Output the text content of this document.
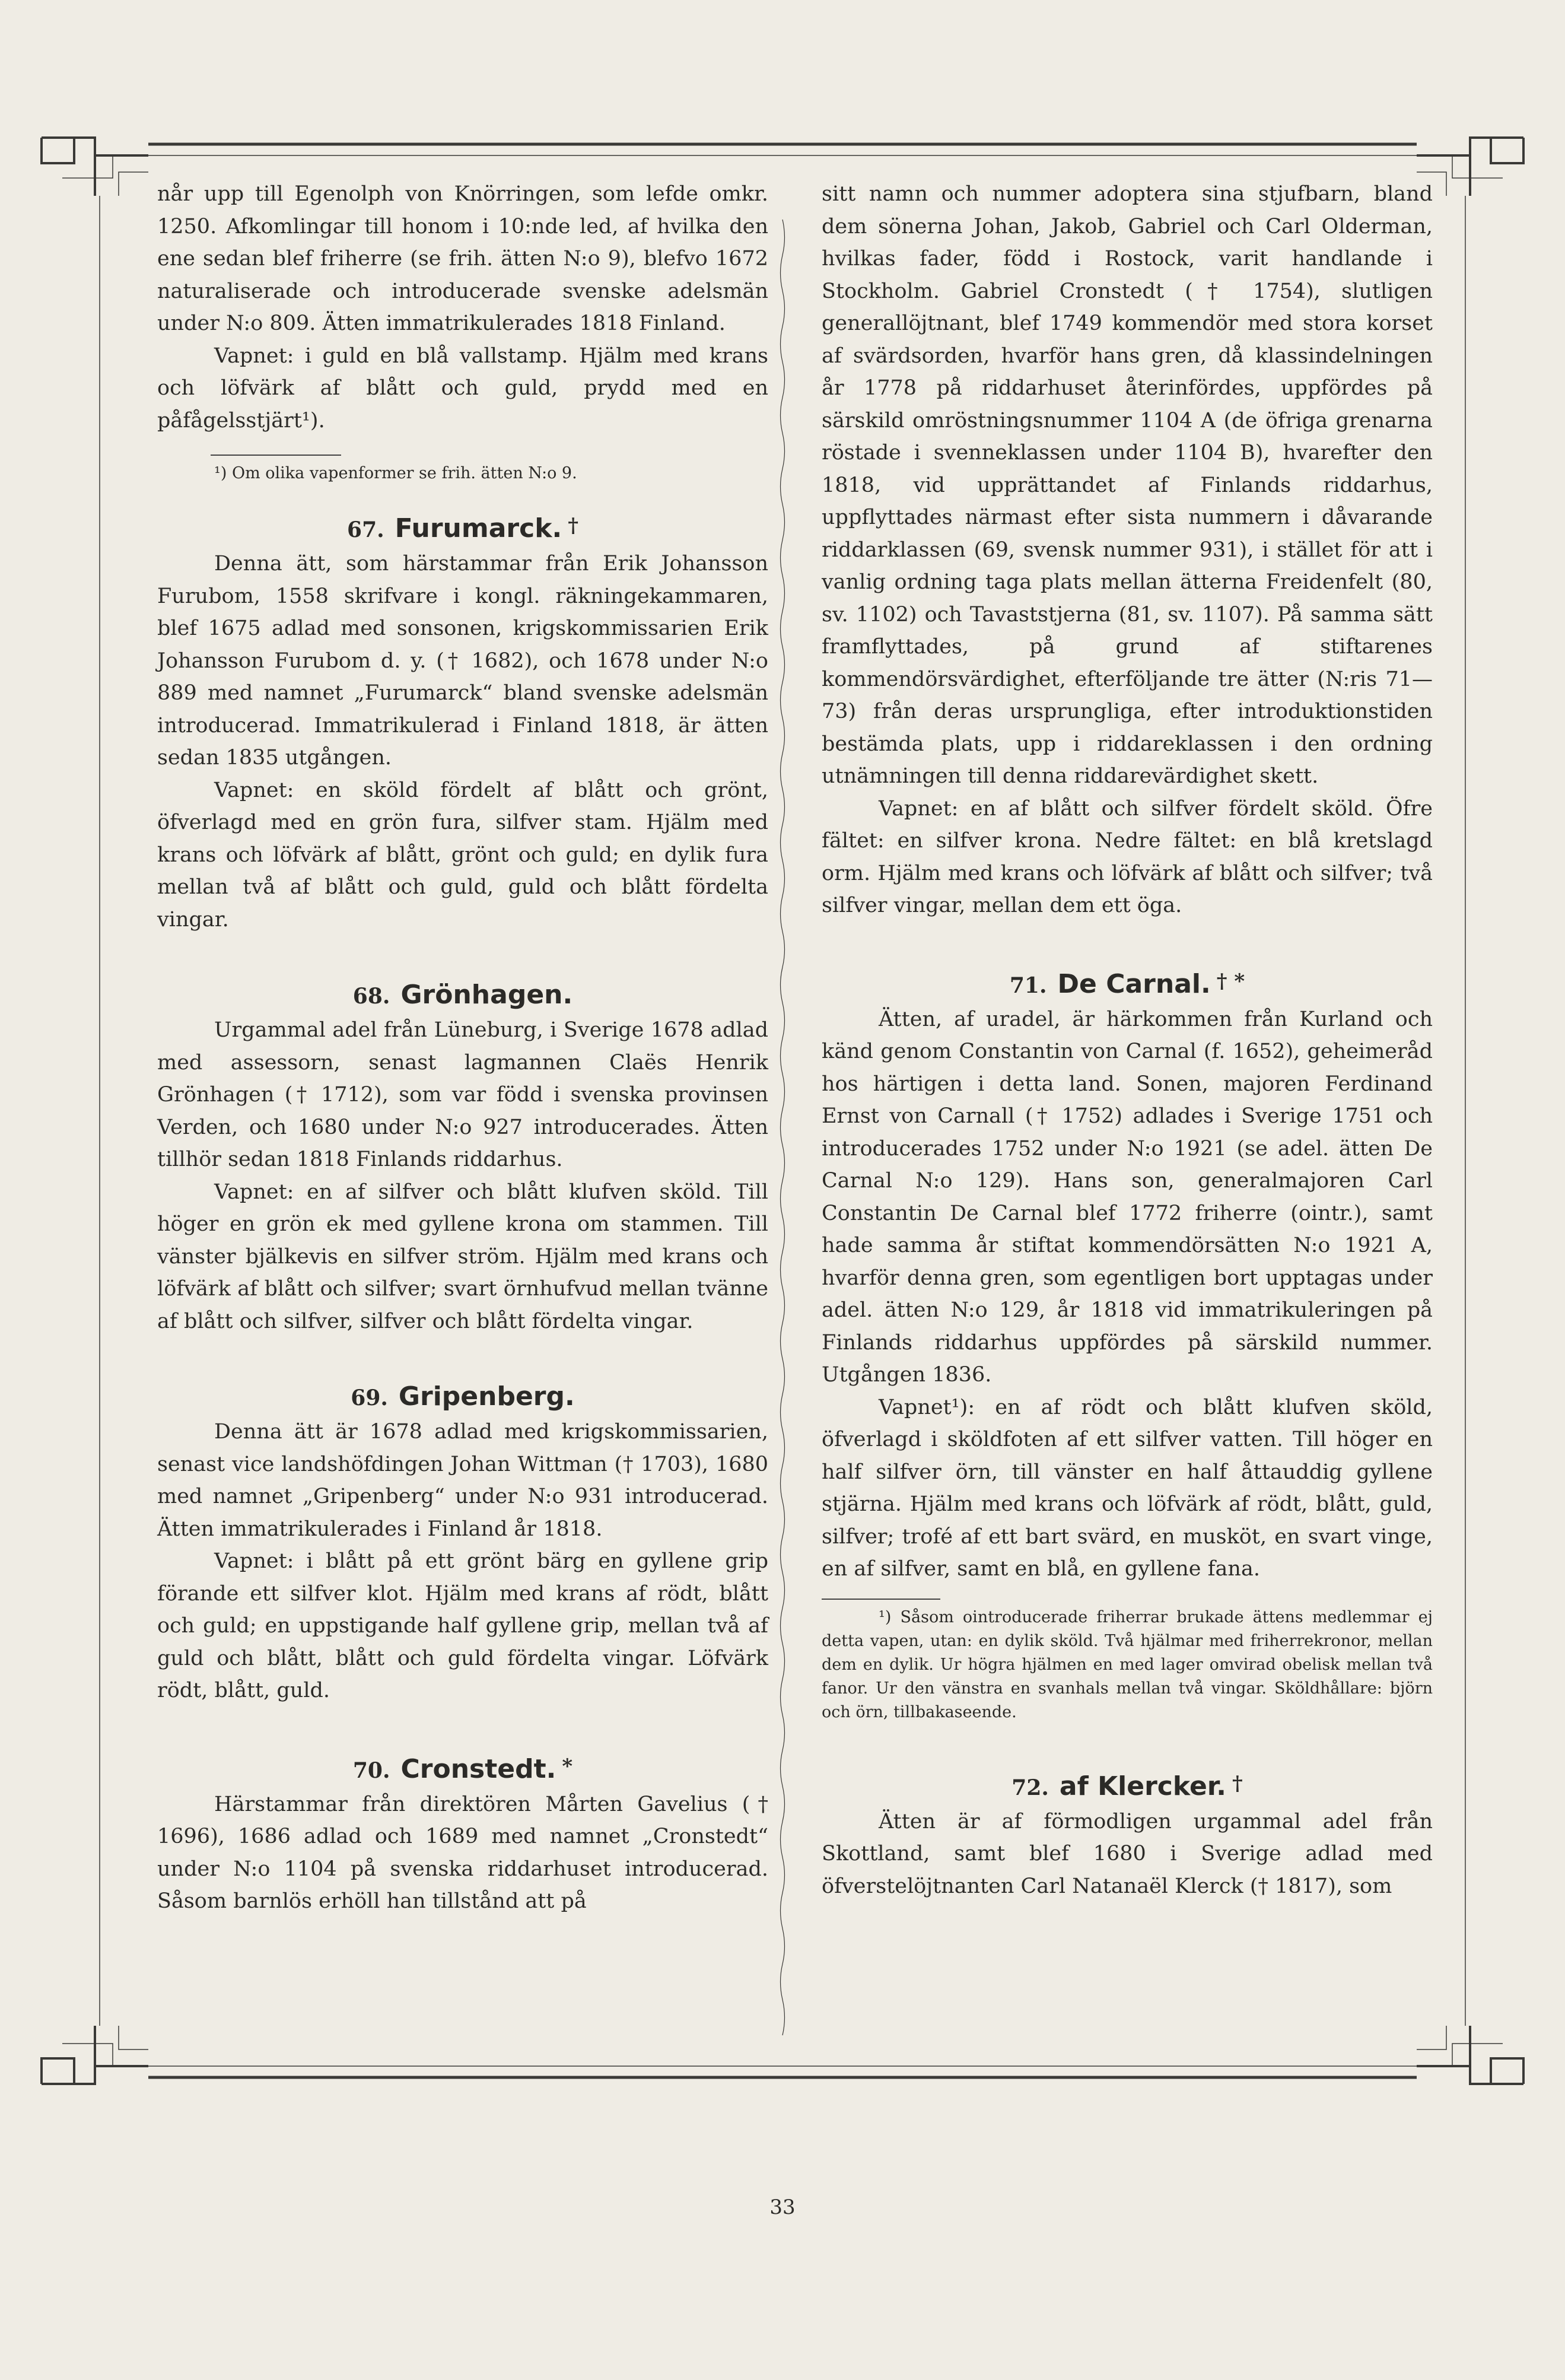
når upp till Egenolph von Knörringen, som lefde omkr. 1250. Afkomlingar till honom i 10:nde led, af hvilka den ene sedan blef friherre (se frih. ätten N:o 9), blefvo 1672 naturaliserade och introducerade svenske adelsmän under N:o 809. Ätten immatrikulerades 1818 Finland.

Vapnet: i guld en blå vallstamp. Hjälm med krans och löfvärk af blått och guld, prydd med en påfågelsstjärt¹).

¹) Om olika vapenformer se frih. ätten N:o 9.

67. Furumarck. †

Denna ätt, som härstammar från Erik Johansson Furubom, 1558 skrifvare i kongl. räkningekammaren, blef 1675 adlad med sonsonen, krigskommissarien Erik Johansson Furubom d. y. († 1682), och 1678 under N:o 889 med namnet „Furumarck“ bland svenske adelsmän introducerad. Immatrikulerad i Finland 1818, är ätten sedan 1835 utgången.

Vapnet: en sköld fördelt af blått och grönt, öfverlagd med en grön fura, silfver stam. Hjälm med krans och löfvärk af blått, grönt och guld; en dylik fura mellan två af blått och guld, guld och blått fördelta vingar.

68. Grönhagen.

Urgammal adel från Lüneburg, i Sverige 1678 adlad med assessorn, senast lagmannen Claës Henrik Grönhagen († 1712), som var född i svenska provinsen Verden, och 1680 under N:o 927 introducerades. Ätten tillhör sedan 1818 Finlands riddarhus.

Vapnet: en af silfver och blått klufven sköld. Till höger en grön ek med gyllene krona om stammen. Till vänster bjälkevis en silfver ström. Hjälm med krans och löfvärk af blått och silfver; svart örnhufvud mellan tvänne af blått och silfver, silfver och blått fördelta vingar.

69. Gripenberg.

Denna ätt är 1678 adlad med krigskommissarien, senast vice landshöfdingen Johan Wittman († 1703), 1680 med namnet „Gripenberg“ under N:o 931 introducerad. Ätten immatrikulerades i Finland år 1818.

Vapnet: i blått på ett grönt bärg en gyllene grip förande ett silfver klot. Hjälm med krans af rödt, blått och guld; en uppstigande half gyllene grip, mellan två af guld och blått, blått och guld fördelta vingar. Löfvärk rödt, blått, guld.

70. Cronstedt. *

Härstammar från direktören Mårten Gavelius († 1696), 1686 adlad och 1689 med namnet „Cronstedt“ under N:o 1104 på svenska riddarhuset introducerad. Såsom barnlös erhöll han tillstånd att på

sitt namn och nummer adoptera sina stjufbarn, bland dem sönerna Johan, Jakob, Gabriel och Carl Olderman, hvilkas fader, född i Rostock, varit handlande i Stockholm. Gabriel Cronstedt († 1754), slutligen generallöjtnant, blef 1749 kommendör med stora korset af svärdsorden, hvarför hans gren, då klassindelningen år 1778 på riddarhuset återinfördes, uppfördes på särskild omröstningsnummer 1104 A (de öfriga grenarna röstade i svenneklassen under 1104 B), hvarefter den 1818, vid upprättandet af Finlands riddarhus, uppflyttades närmast efter sista nummern i dåvarande riddarklassen (69, svensk nummer 931), i stället för att i vanlig ordning taga plats mellan ätterna Freidenfelt (80, sv. 1102) och Tavaststjerna (81, sv. 1107). På samma sätt framflyttades, på grund af stiftarenes kommendörsvärdighet, efterföljande tre ätter (N:ris 71—73) från deras ursprungliga, efter introduktionstiden bestämda plats, upp i riddareklassen i den ordning utnämningen till denna riddarevärdighet skett.

Vapnet: en af blått och silfver fördelt sköld. Öfre fältet: en silfver krona. Nedre fältet: en blå kretslagd orm. Hjälm med krans och löfvärk af blått och silfver; två silfver vingar, mellan dem ett öga.

71. De Carnal. † *

Ätten, af uradel, är härkommen från Kurland och känd genom Constantin von Carnal (f. 1652), geheimeråd hos härtigen i detta land. Sonen, majoren Ferdinand Ernst von Carnall († 1752) adlades i Sverige 1751 och introducerades 1752 under N:o 1921 (se adel. ätten De Carnal N:o 129). Hans son, generalmajoren Carl Constantin De Carnal blef 1772 friherre (ointr.), samt hade samma år stiftat kommendörsätten N:o 1921 A, hvarför denna gren, som egentligen bort upptagas under adel. ätten N:o 129, år 1818 vid immatrikuleringen på Finlands riddarhus uppfördes på särskild nummer. Utgången 1836.

Vapnet¹): en af rödt och blått klufven sköld, öfverlagd i sköldfoten af ett silfver vatten. Till höger en half silfver örn, till vänster en half åttauddig gyllene stjärna. Hjälm med krans och löfvärk af rödt, blått, guld, silfver; trofé af ett bart svärd, en musköt, en svart vinge, en af silfver, samt en blå, en gyllene fana.

¹) Såsom ointroducerade friherrar brukade ättens medlemmar ej detta vapen, utan: en dylik sköld. Två hjälmar med friherrekronor, mellan dem en dylik. Ur högra hjälmen en med lager omvirad obelisk mellan två fanor. Ur den vänstra en svanhals mellan två vingar. Sköldhållare: björn och örn, tillbakaseende.

72. af Klercker. †

Ätten är af förmodligen urgammal adel från Skottland, samt blef 1680 i Sverige adlad med öfverstelöjtnanten Carl Natanaël Klerck († 1817), som

33
